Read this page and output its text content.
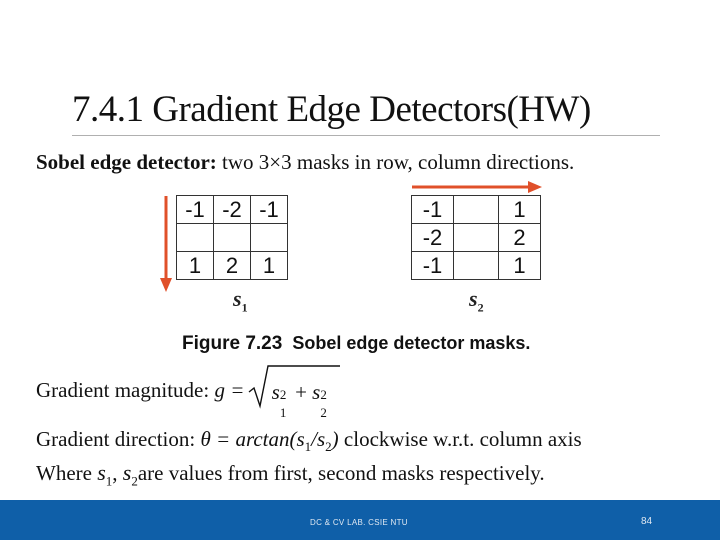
7.4.1 Gradient Edge Detectors(HW)
Sobel edge detector: two 3×3 masks in row, column directions.
-1	-2	-1

1	2	1
-1		1
-2		2
-1		1
$s_1$	$s_2$
Figure 7.23 Sobel edge detector masks.
Gradient magnitude: g = s 2
1
+ s 2
2
Gradient direction: $\theta = \arctan(s_1/s_2)$ clockwise w.r.t. column axis
Where $s_1$, $s_2are$ values from first, second masks respectively.
DC & CV LAB. CSIE NTU	84
